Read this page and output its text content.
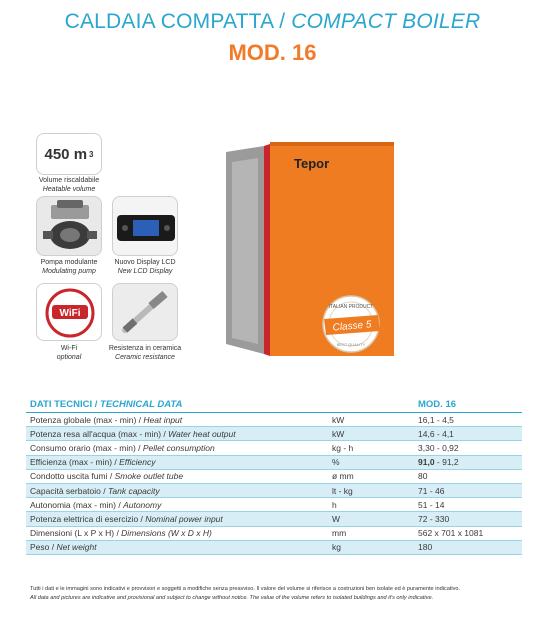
CALDAIA COMPATTA / COMPACT BOILER
MOD. 16
450 m 3
Volume riscaldabile
Heatable volume
Pompa modulante
Modulating pump
Nuovo Display LCD
New LCD Display
WiFi
Wi-Fi
optional
Resistenza in ceramica
Ceramic resistance
Tepor
ITALIAN PRODUCT
Classe 5
BEST QUALITY
DATI TECNICI / TECHNICAL DATA	MOD. 16
Potenza globale (max - min) / Heat input	kW	16,1 - 4,5
Potenza resa all'acqua (max - min) / Water heat output	kW	14,6 - 4,1
Consumo orario (max - min) / Pellet consumption	kg - h	3,30 - 0,92
Efficienza (max - min) / Efficiency	%	91,0 - 91,2
Condotto uscita fumi / Smoke outlet tube	ø mm	80
Capacità serbatoio / Tank capacity	lt - kg	71 - 46
Autonomia (max - min) / Autonomy	h	51 - 14
Potenza elettrica di esercizio / Nominal power input	W	72 - 330
Dimensioni (L x P x H) / Dimensions (W x D x H)	mm	562 x 701 x 1081
Peso / Net weight	kg	180
Tutti i dati e le immagini sono indicativi e provvisori e soggetti a modifiche senza preavviso. Il valore del volume si riferisce a costruzioni ben isolate ed è puramente indicativo.
All data and pictures are indicative and provisional and subject to change without notice. The value of the volume refers to isolated buildings and it's only indicative.
